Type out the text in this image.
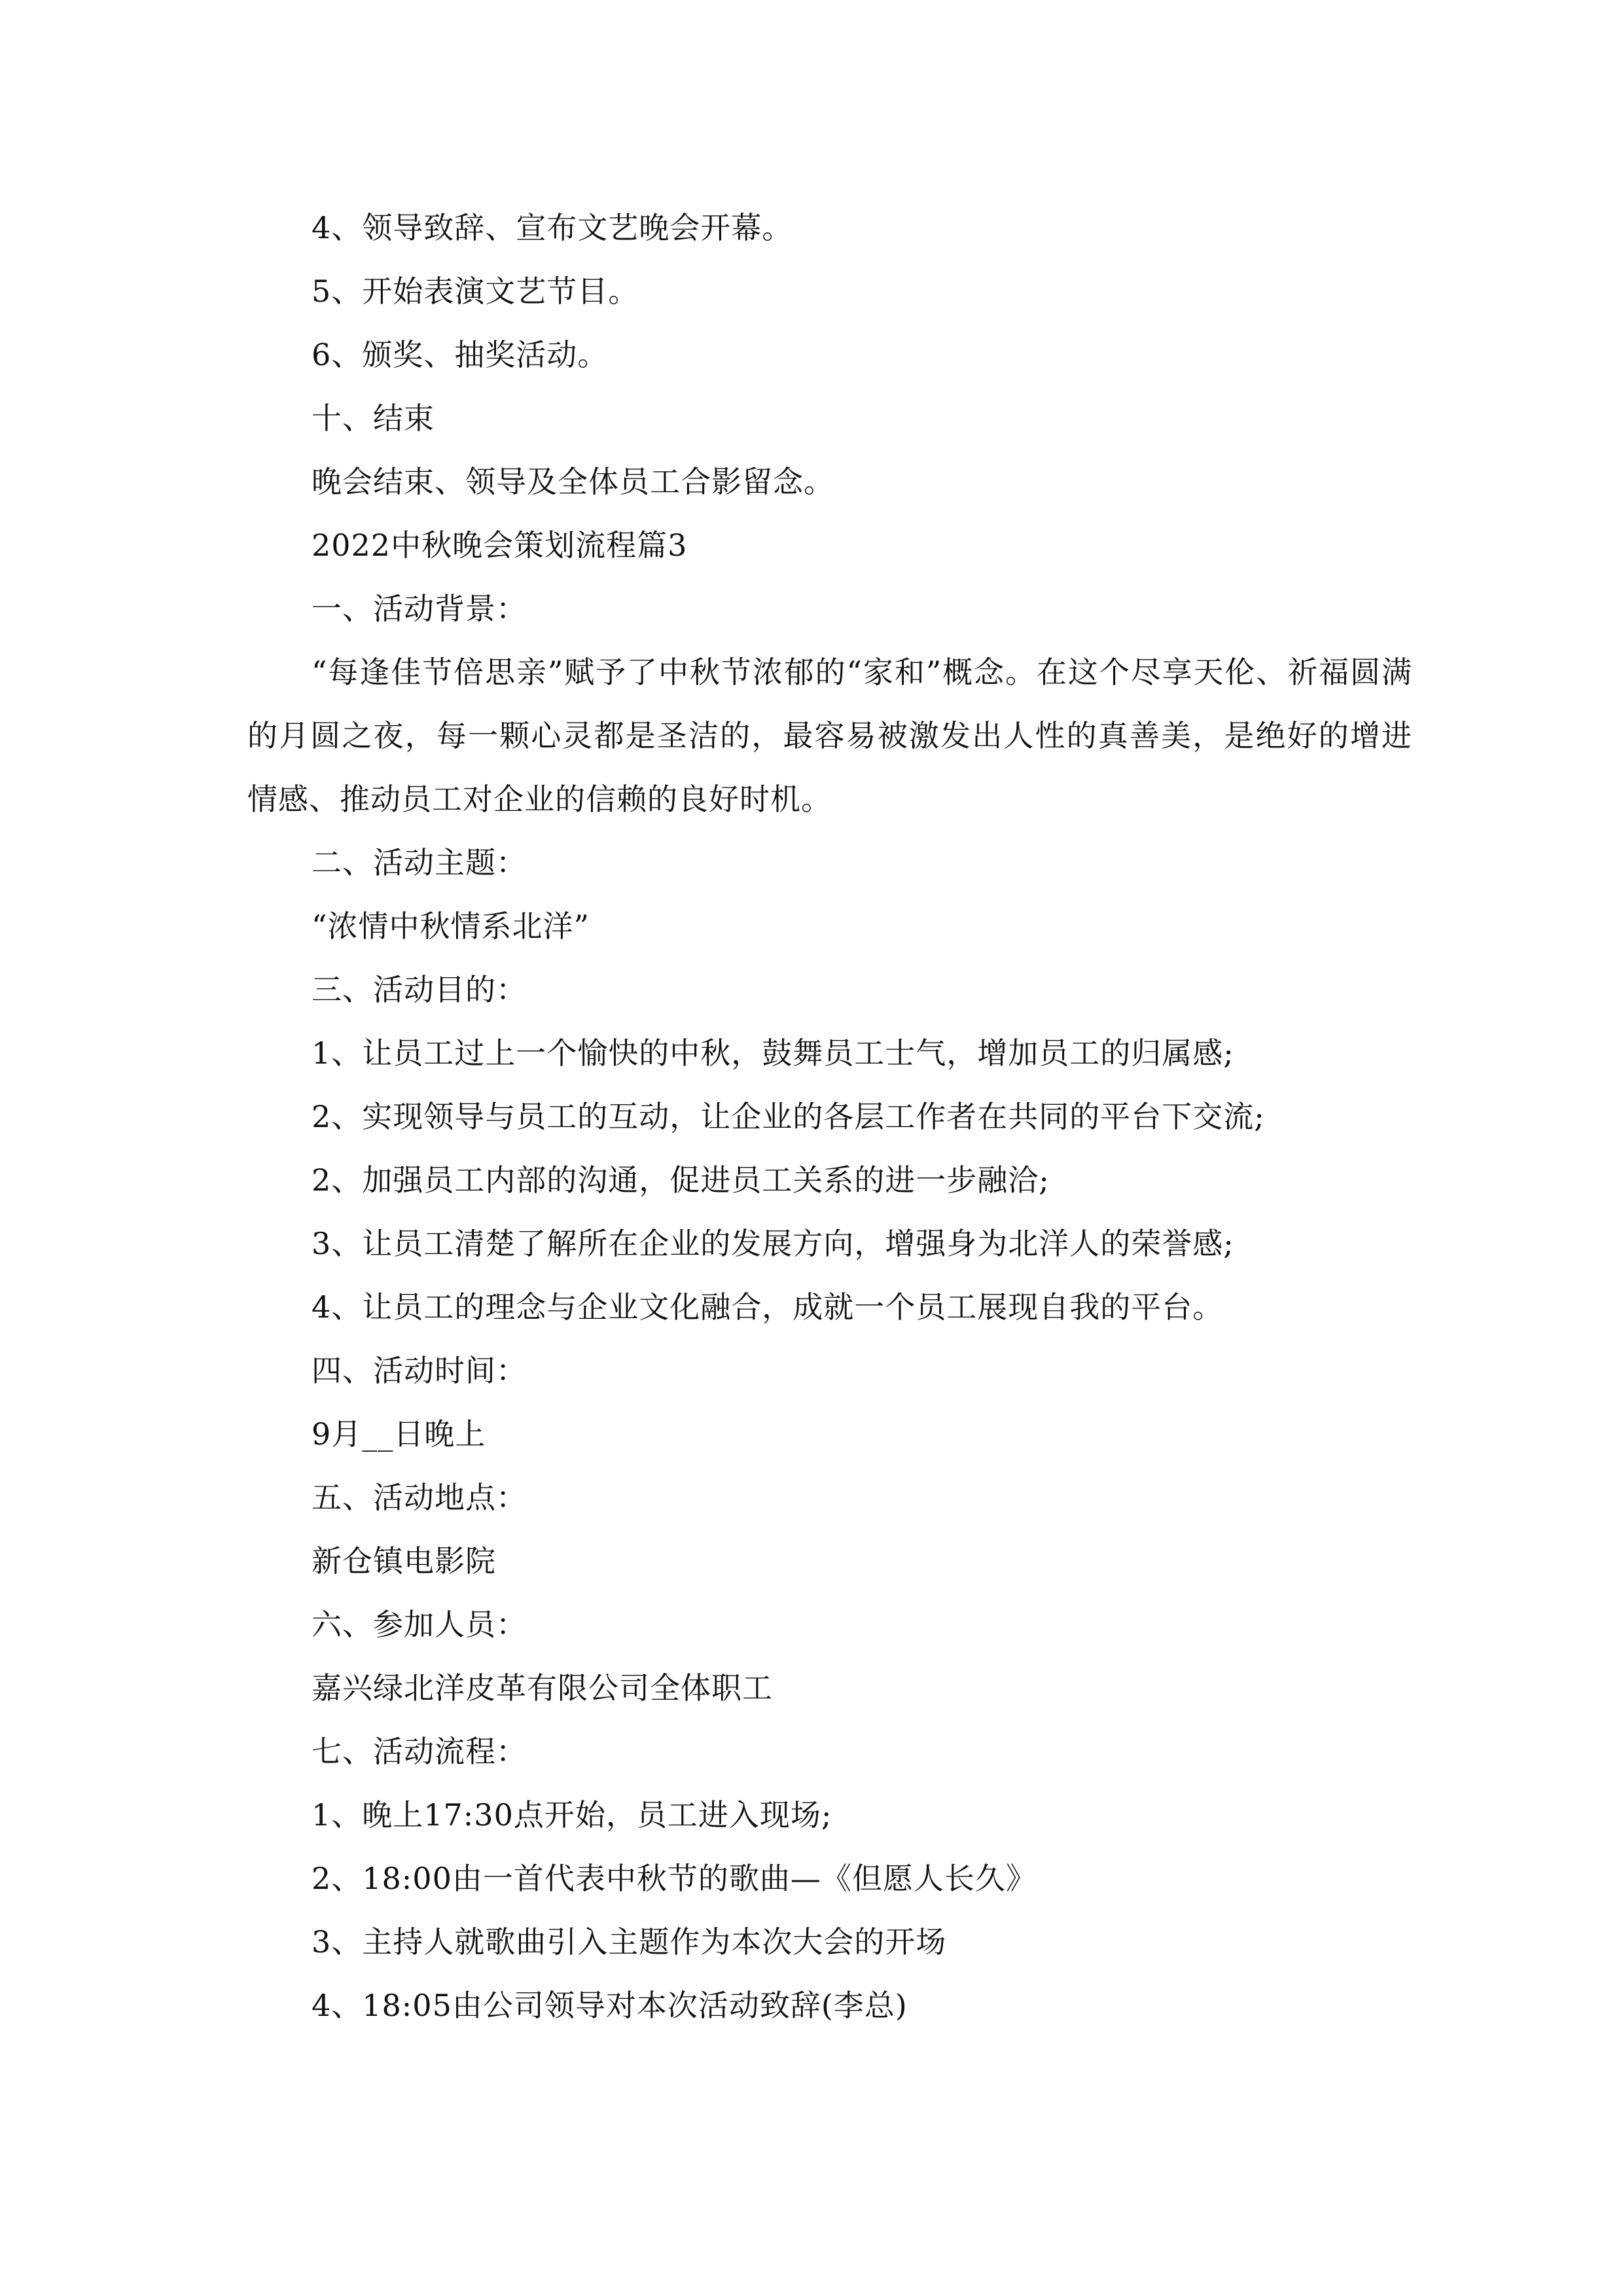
4、领导致辞、宣布文艺晚会开幕。
5、开始表演文艺节目。
6、颁奖、抽奖活动。
十、结束
晚会结束、领导及全体员工合影留念。
2022中秋晚会策划流程篇3
一、活动背景：
“每逢佳节倍思亲”赋予了中秋节浓郁的“家和”概念。在这个尽享天伦、祈福圆满的月圆之夜，每一颗心灵都是圣洁的，最容易被激发出人性的真善美，是绝好的增进情感、推动员工对企业的信赖的良好时机。
二、活动主题：
“浓情中秋情系北洋”
三、活动目的：
1、让员工过上一个愉快的中秋，鼓舞员工士气，增加员工的归属感;
2、实现领导与员工的互动，让企业的各层工作者在共同的平台下交流;
2、加强员工内部的沟通，促进员工关系的进一步融洽;
3、让员工清楚了解所在企业的发展方向，增强身为北洋人的荣誉感;
4、让员工的理念与企业文化融合，成就一个员工展现自我的平台。
四、活动时间：
9月__日晚上
五、活动地点：
新仓镇电影院
六、参加人员：
嘉兴绿北洋皮革有限公司全体职工
七、活动流程：
1、晚上17:30点开始，员工进入现场;
2、18:00由一首代表中秋节的歌曲—《但愿人长久》
3、主持人就歌曲引入主题作为本次大会的开场
4、18:05由公司领导对本次活动致辞(李总)
